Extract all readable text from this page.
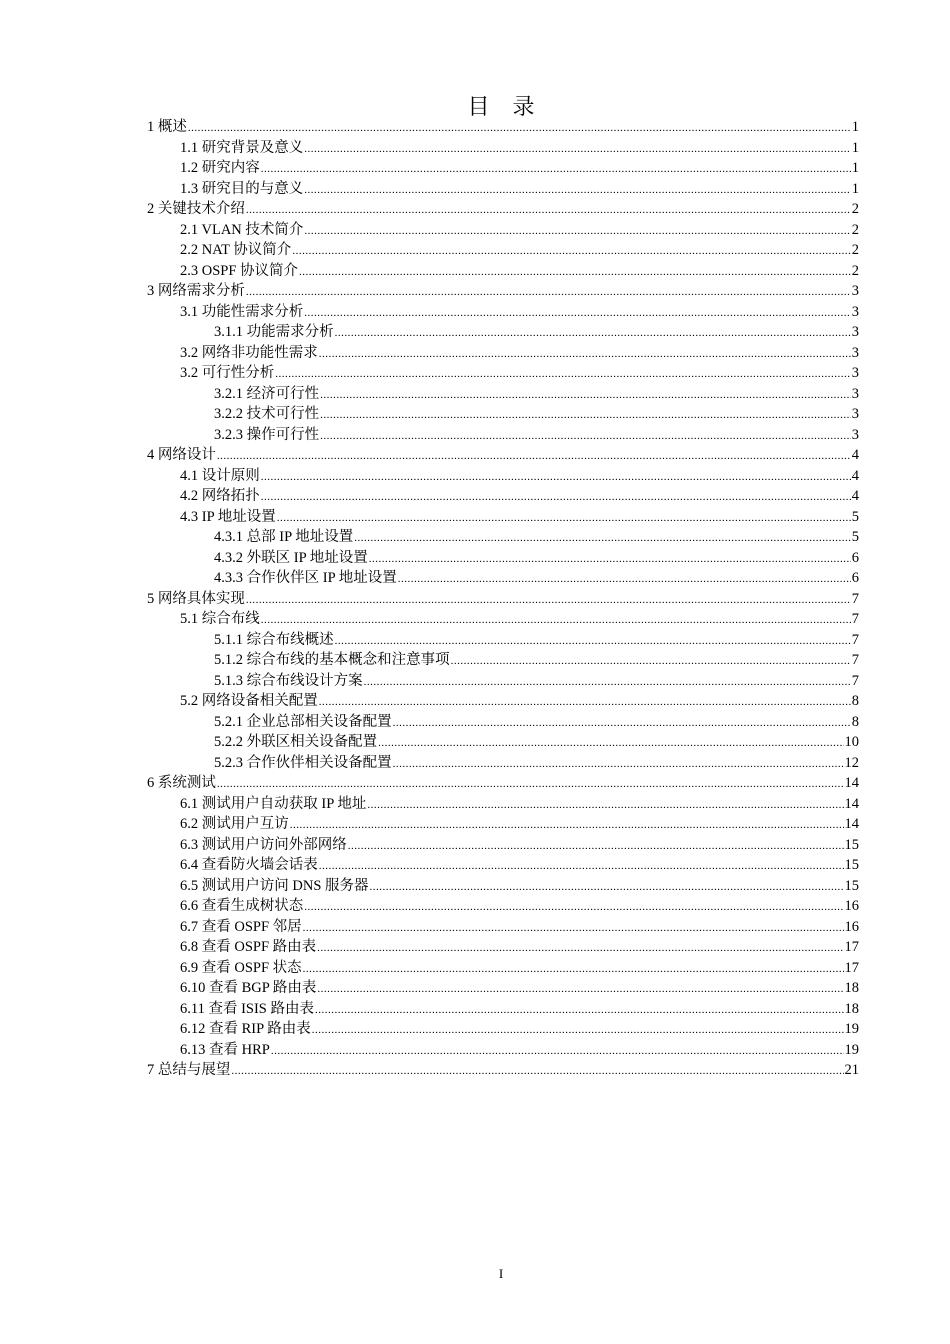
目 录
1 概述 .....	1
1.1 研究背景及意义 .....	1
1.2 研究内容 .....	1
1.3 研究目的与意义 .....	1
2 关键技术介绍 .....	2
2.1 VLAN 技术简介 .....	2
2.2 NAT 协议简介 .....	2
2.3 OSPF 协议简介 .....	2
3 网络需求分析 .....	3
3.1 功能性需求分析 .....	3
3.1.1 功能需求分析 .....	3
3.2 网络非功能性需求 .....	3
3.2 可行性分析 .....	3
3.2.1 经济可行性 .....	3
3.2.2 技术可行性 .....	3
3.2.3 操作可行性 .....	3
4 网络设计 .....	4
4.1 设计原则 .....	4
4.2 网络拓扑 .....	4
4.3 IP 地址设置 .....	5
4.3.1 总部 IP 地址设置 .....	5
4.3.2 外联区 IP 地址设置 .....	6
4.3.3 合作伙伴区 IP 地址设置 .....	6
5 网络具体实现 .....	7
5.1 综合布线 .....	7
5.1.1 综合布线概述 .....	7
5.1.2 综合布线的基本概念和注意事项 .....	7
5.1.3 综合布线设计方案 .....	7
5.2 网络设备相关配置 .....	8
5.2.1 企业总部相关设备配置 .....	8
5.2.2 外联区相关设备配置 .....	10
5.2.3 合作伙伴相关设备配置 .....	12
6 系统测试 .....	14
6.1 测试用户自动获取 IP 地址 .....	14
6.2 测试用户互访 .....	14
6.3 测试用户访问外部网络 .....	15
6.4 查看防火墙会话表 .....	15
6.5 测试用户访问 DNS 服务器 .....	15
6.6 查看生成树状态 .....	16
6.7 查看 OSPF 邻居 .....	16
6.8 查看 OSPF 路由表 .....	17
6.9 查看 OSPF 状态 .....	17
6.10 查看 BGP 路由表 .....	18
6.11 查看 ISIS 路由表 .....	18
6.12 查看 RIP 路由表 .....	19
6.13 查看 HRP .....	19
7 总结与展望 .....	21
I
